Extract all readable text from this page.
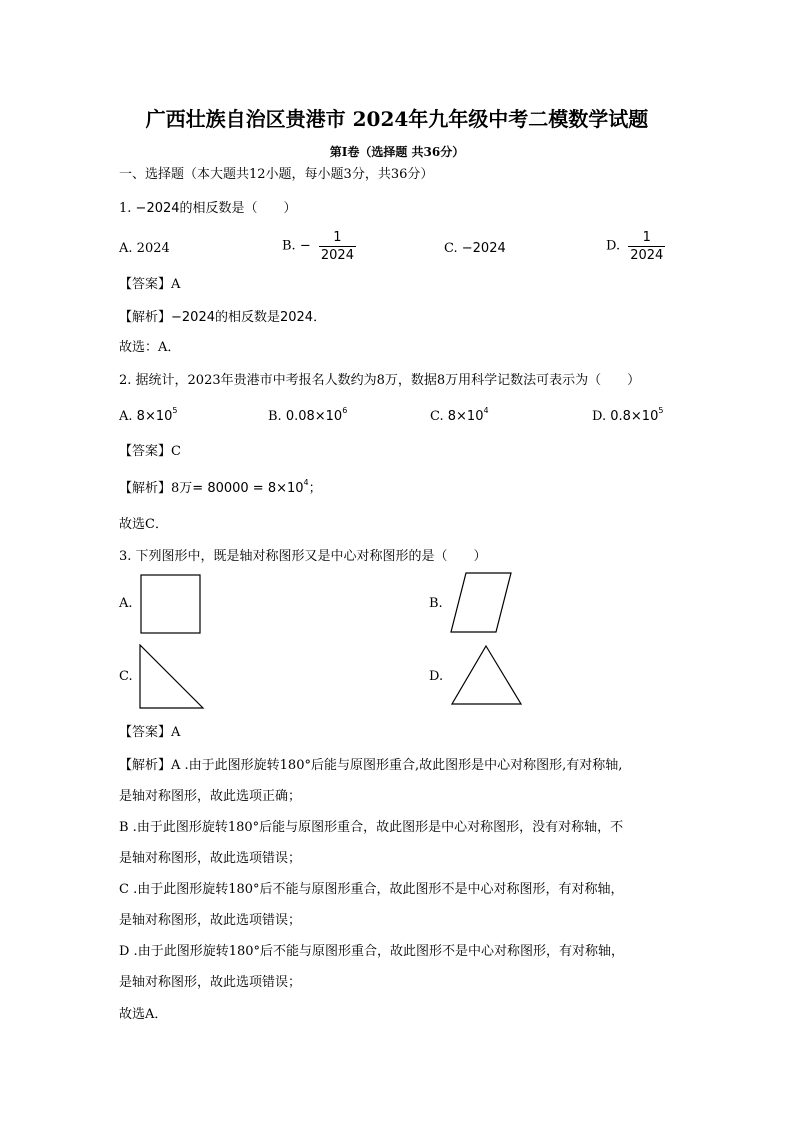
广西壮族自治区贵港市 2024年九年级中考二模数学试题
第I卷（选择题 共36分）
一、选择题（本大题共12小题，每小题3分，共36分）
1. −2024的相反数是（　　）
A. 2024	B. − $\frac{1}{2024}$	C. −2024	D. $\frac{1}{2024}$
【答案】A
【解析】−2024的相反数是2024．
故选：A．
2. 据统计，2023年贵港市中考报名人数约为8万，数据8万用科学记数法可表示为（　　）
A. $8\times 10^5$	B. $0.08\times 10^6$	C. $8\times 10^4$	D. $0.8\times 10^5$
【答案】C
【解析】8万= $80000 = 8\times 10^4$；
故选C．
3. 下列图形中，既是轴对称图形又是中心对称图形的是（　　）
A.	B.
C.	D.
【答案】A
【解析】A .由于此图形旋转180°后能与原图形重合,故此图形是中心对称图形,有对称轴,
是轴对称图形，故此选项正确；
B .由于此图形旋转180°后能与原图形重合，故此图形是中心对称图形，没有对称轴，不
是轴对称图形，故此选项错误；
C .由于此图形旋转180°后不能与原图形重合，故此图形不是中心对称图形，有对称轴，
是轴对称图形，故此选项错误；
D .由于此图形旋转180°后不能与原图形重合，故此图形不是中心对称图形，有对称轴，
是轴对称图形，故此选项错误；
故选A．
